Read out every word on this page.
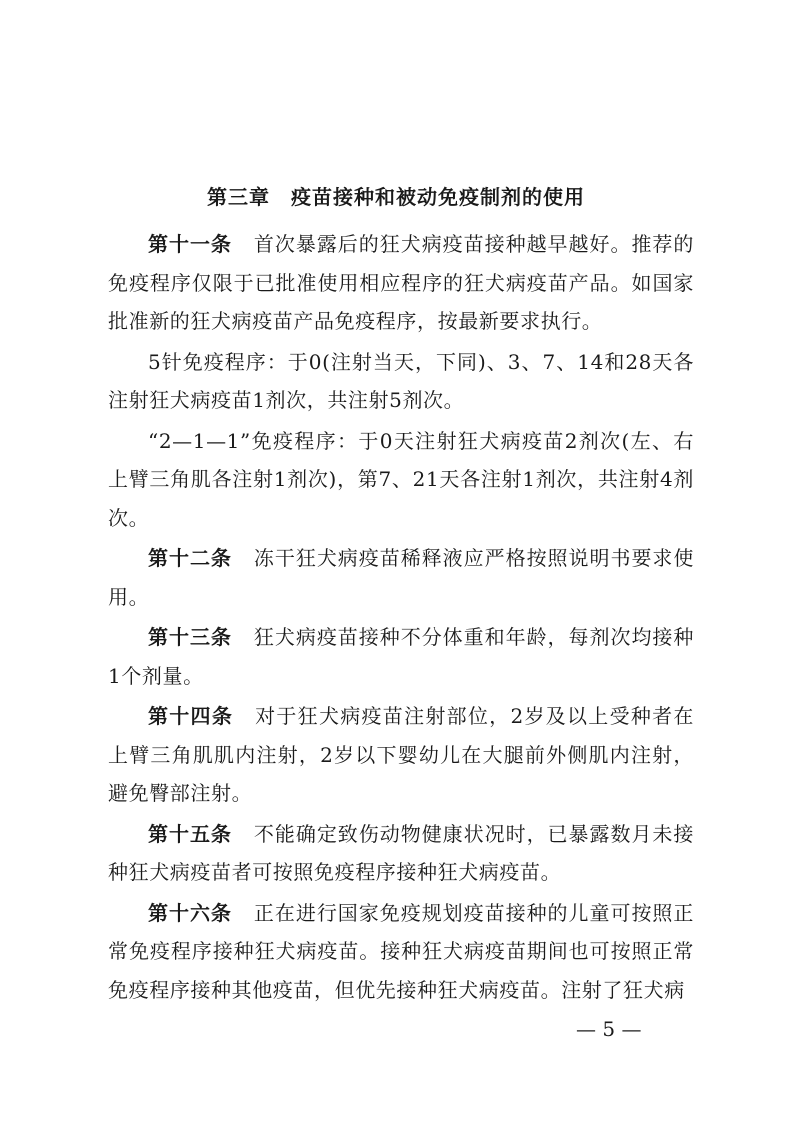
第三章　疫苗接种和被动免疫制剂的使用

第十一条 首次暴露后的狂犬病疫苗接种越早越好。推荐的免疫程序仅限于已批准使用相应程序的狂犬病疫苗产品。如国家批准新的狂犬病疫苗产品免疫程序，按最新要求执行。

5针免疫程序：于0(注射当天，下同)、3、7、14和28天各注射狂犬病疫苗1剂次，共注射5剂次。

“2—1—1”免疫程序：于0天注射狂犬病疫苗2剂次(左、右上臂三角肌各注射1剂次)，第7、21天各注射1剂次，共注射4剂次。

第十二条 冻干狂犬病疫苗稀释液应严格按照说明书要求使用。

第十三条 狂犬病疫苗接种不分体重和年龄，每剂次均接种1个剂量。

第十四条 对于狂犬病疫苗注射部位，2岁及以上受种者在上臂三角肌肌内注射，2岁以下婴幼儿在大腿前外侧肌内注射，避免臀部注射。

第十五条 不能确定致伤动物健康状况时，已暴露数月未接种狂犬病疫苗者可按照免疫程序接种狂犬病疫苗。

第十六条 正在进行国家免疫规划疫苗接种的儿童可按照正常免疫程序接种狂犬病疫苗。接种狂犬病疫苗期间也可按照正常免疫程序接种其他疫苗，但优先接种狂犬病疫苗。注射了狂犬病

— 5 —
